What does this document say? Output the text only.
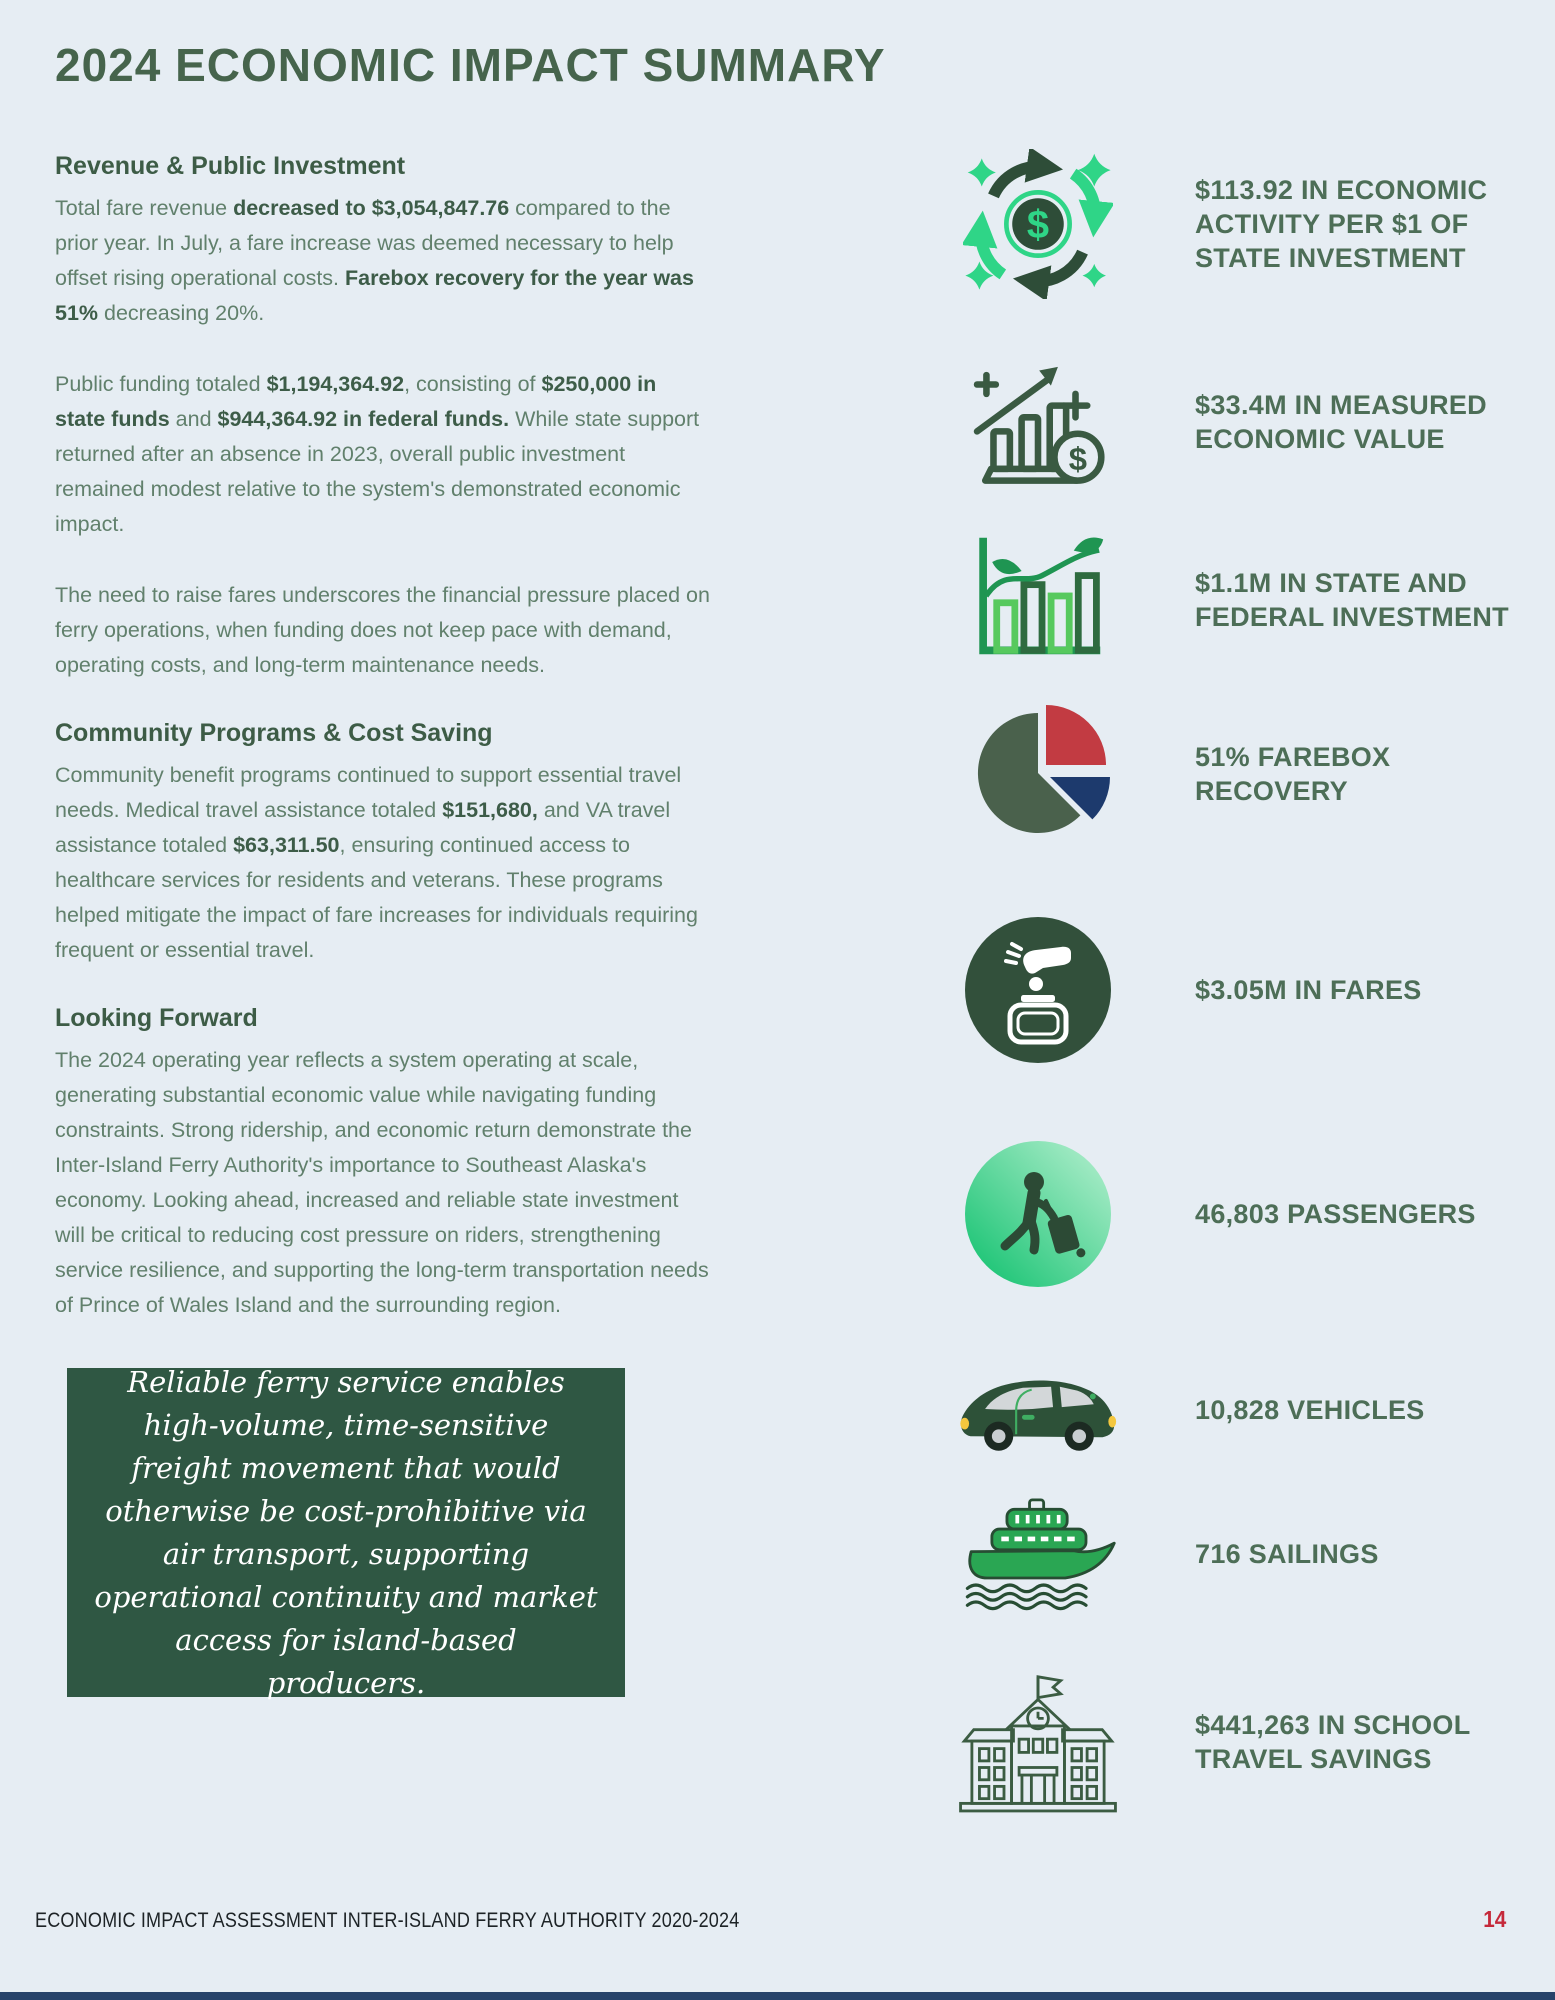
2024 ECONOMIC IMPACT SUMMARY
Revenue & Public Investment

Total fare revenue decreased to $3,054,847.76 compared to the prior year. In July, a fare increase was deemed necessary to help offset rising operational costs. Farebox recovery for the year was 51% decreasing 20%.

Public funding totaled $1,194,364.92, consisting of $250,000 in state funds and $944,364.92 in federal funds. While state support returned after an absence in 2023, overall public investment remained modest relative to the system's demonstrated economic impact.

The need to raise fares underscores the financial pressure placed on ferry operations, when funding does not keep pace with demand, operating costs, and long-term maintenance needs.

Community Programs & Cost Saving

Community benefit programs continued to support essential travel needs. Medical travel assistance totaled $151,680, and VA travel assistance totaled $63,311.50, ensuring continued access to healthcare services for residents and veterans. These programs helped mitigate the impact of fare increases for individuals requiring frequent or essential travel.

Looking Forward

The 2024 operating year reflects a system operating at scale, generating substantial economic value while navigating funding constraints. Strong ridership, and economic return demonstrate the Inter-Island Ferry Authority's importance to Southeast Alaska's economy. Looking ahead, increased and reliable state investment will be critical to reducing cost pressure on riders, strengthening service resilience, and supporting the long-term transportation needs of Prince of Wales Island and the surrounding region.

Reliable ferry service enables high-volume, time-sensitive freight movement that would otherwise be cost-prohibitive via air transport, supporting operational continuity and market access for island-based producers.
$
$113.92 IN ECONOMIC ACTIVITY PER $1 OF STATE INVESTMENT
$
$33.4M IN MEASURED ECONOMIC VALUE
$1.1M IN STATE AND FEDERAL INVESTMENT
51% FAREBOX RECOVERY
$3.05M IN FARES
46,803 PASSENGERS
10,828 VEHICLES
716 SAILINGS
$441,263 IN SCHOOL TRAVEL SAVINGS
ECONOMIC IMPACT ASSESSMENT INTER-ISLAND FERRY AUTHORITY 2020-2024	14
